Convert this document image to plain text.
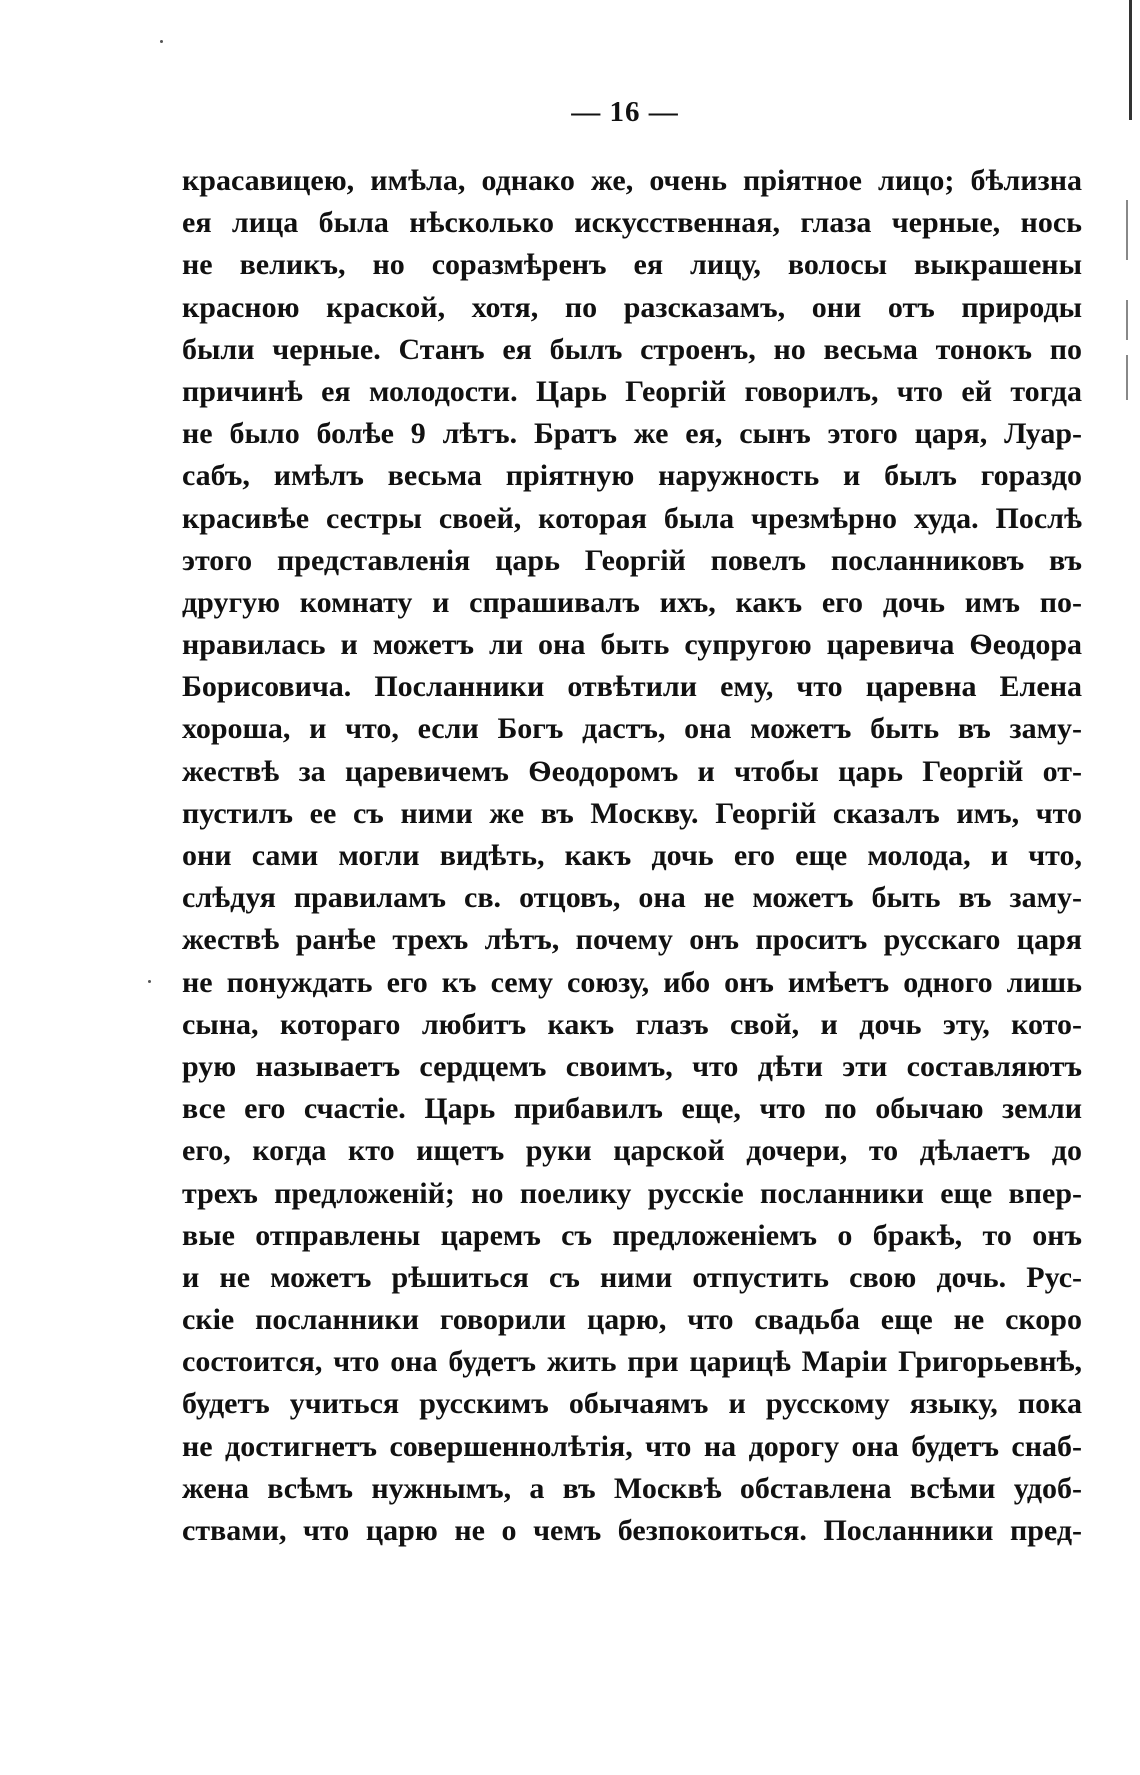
— 16 —
красавицею, имѣла, однако же, очень пріятное лицо; бѣлизна
ея лица была нѣсколько искусственная, глаза черные, нось
не великъ, но соразмѣренъ ея лицу, волосы выкрашены
красною краской, хотя, по разсказамъ, они отъ природы
были черные. Станъ ея былъ строенъ, но весьма тонокъ по
причинѣ ея молодости. Царь Георгій говорилъ, что ей тогда
не было болѣе 9 лѣтъ. Братъ же ея, сынъ этого царя, Луар-
сабъ, имѣлъ весьма пріятную наружность и былъ гораздо
красивѣе сестры своей, которая была чрезмѣрно худа. Послѣ
этого представленія царь Георгій повелъ посланниковъ въ
другую комнату и спрашивалъ ихъ, какъ его дочь имъ по-
нравилась и можетъ ли она быть супругою царевича Ѳеодора
Борисовича. Посланники отвѣтили ему, что царевна Елена
хороша, и что, если Богъ дастъ, она можетъ быть въ заму-
жествѣ за царевичемъ Ѳеодоромъ и чтобы царь Георгій от-
пустилъ ее съ ними же въ Москву. Георгій сказалъ имъ, что
они сами могли видѣть, какъ дочь его еще молода, и что,
слѣдуя правиламъ св. отцовъ, она не можетъ быть въ заму-
жествѣ ранѣе трехъ лѣтъ, почему онъ проситъ русскаго царя
не понуждать его къ сему союзу, ибо онъ имѣетъ одного лишь
сына, котораго любитъ какъ глазъ свой, и дочь эту, кото-
рую называетъ сердцемъ своимъ, что дѣти эти составляютъ
все его счастіе. Царь прибавилъ еще, что по обычаю земли
его, когда кто ищетъ руки царской дочери, то дѣлаетъ до
трехъ предложеній; но поелику русскіе посланники еще впер-
вые отправлены царемъ съ предложеніемъ о бракѣ, то онъ
и не можетъ рѣшиться съ ними отпустить свою дочь. Рус-
скіе посланники говорили царю, что свадьба еще не скоро
состоится, что она будетъ жить при царицѣ Маріи Григорьевнѣ,
будетъ учиться русскимъ обычаямъ и русскому языку, пока
не достигнетъ совершеннолѣтія, что на дорогу она будетъ снаб-
жена всѣмъ нужнымъ, а въ Москвѣ обставлена всѣми удоб-
ствами, что царю не о чемъ безпокоиться. Посланники пред-
